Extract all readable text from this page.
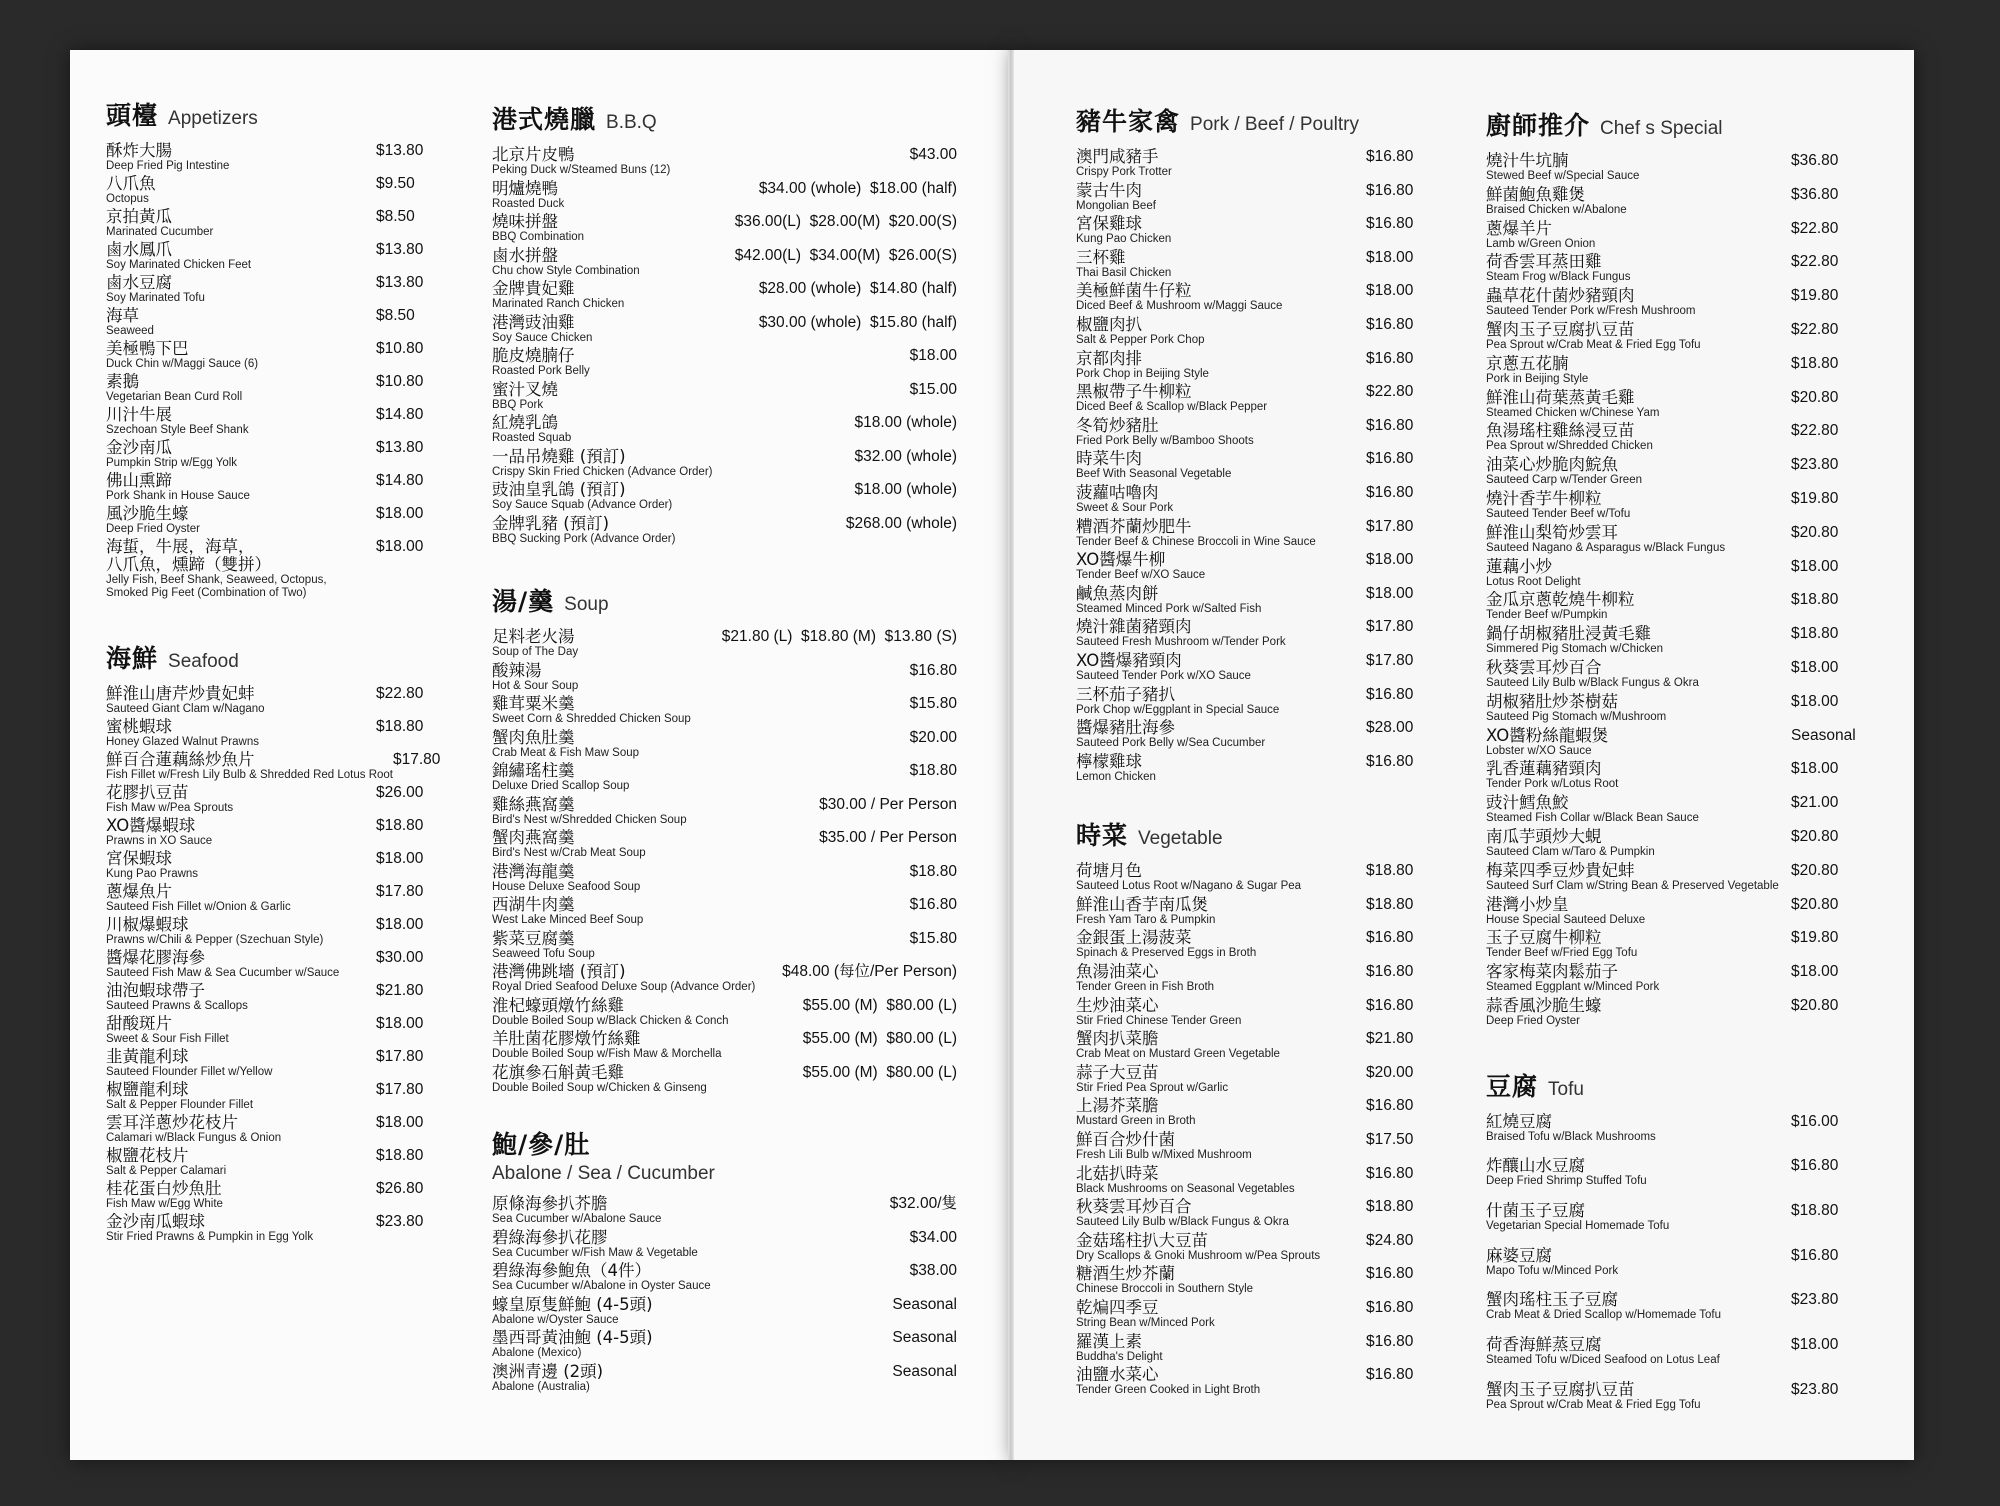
頭檯 Appetizers
酥炸大腸
Deep Fried Pig Intestine
$13.80
八爪魚
Octopus
$9.50
京拍黃瓜
Marinated Cucumber
$8.50
鹵水鳳爪
Soy Marinated Chicken Feet
$13.80
鹵水豆腐
Soy Marinated Tofu
$13.80
海草
Seaweed
$8.50
美極鴨下巴
Duck Chin w/Maggi Sauce (6)
$10.80
素鵝
Vegetarian Bean Curd Roll
$10.80
川汁牛展
Szechoan Style Beef Shank
$14.80
金沙南瓜
Pumpkin Strip w/Egg Yolk
$13.80
佛山熏蹄
Pork Shank in House Sauce
$14.80
風沙脆生蠔
Deep Fried Oyster
$18.00
海蜇，牛展，海草，
八爪魚，燻蹄（雙拼）
Jelly Fish, Beef Shank, Seaweed, Octopus,
Smoked Pig Feet (Combination of Two)
$18.00
海鮮 Seafood
鮮淮山唐芹炒貴妃蚌
Sauteed Giant Clam w/Nagano
$22.80
蜜桃蝦球
Honey Glazed Walnut Prawns
$18.80
鮮百合蓮藕絲炒魚片
Fish Fillet w/Fresh Lily Bulb & Shredded Red Lotus Root
$17.80
花膠扒豆苗
Fish Maw w/Pea Sprouts
$26.00
XO醬爆蝦球
Prawns in XO Sauce
$18.80
宮保蝦球
Kung Pao Prawns
$18.00
蔥爆魚片
Sauteed Fish Fillet w/Onion & Garlic
$17.80
川椒爆蝦球
Prawns w/Chili & Pepper (Szechuan Style)
$18.00
醬爆花膠海參
Sauteed Fish Maw & Sea Cucumber w/Sauce
$30.00
油泡蝦球帶子
Sauteed Prawns & Scallops
$21.80
甜酸斑片
Sweet & Sour Fish Fillet
$18.00
韭黃龍利球
Sauteed Flounder Fillet w/Yellow
$17.80
椒鹽龍利球
Salt & Pepper Flounder Fillet
$17.80
雲耳洋蔥炒花枝片
Calamari w/Black Fungus & Onion
$18.00
椒鹽花枝片
Salt & Pepper Calamari
$18.80
桂花蛋白炒魚肚
Fish Maw w/Egg White
$26.80
金沙南瓜蝦球
Stir Fried Prawns & Pumpkin in Egg Yolk
$23.80
港式燒臘 B.B.Q
北京片皮鴨
Peking Duck w/Steamed Buns (12)
$43.00
明爐燒鴨
Roasted Duck
$34.00 (whole)  $18.00 (half)
燒味拼盤
BBQ Combination
$36.00(L)  $28.00(M)  $20.00(S)
鹵水拼盤
Chu chow Style Combination
$42.00(L)  $34.00(M)  $26.00(S)
金牌貴妃雞
Marinated Ranch Chicken
$28.00 (whole)  $14.80 (half)
港灣豉油雞
Soy Sauce Chicken
$30.00 (whole)  $15.80 (half)
脆皮燒腩仔
Roasted Pork Belly
$18.00
蜜汁叉燒
BBQ Pork
$15.00
紅燒乳鴿
Roasted Squab
$18.00 (whole)
一品吊燒雞 (預訂)
Crispy Skin Fried Chicken (Advance Order)
$32.00 (whole)
豉油皇乳鴿 (預訂)
Soy Sauce Squab (Advance Order)
$18.00 (whole)
金牌乳豬 (預訂)
BBQ Sucking Pork (Advance Order)
$268.00 (whole)
湯/羹 Soup
足料老火湯
Soup of The Day
$21.80 (L)  $18.80 (M)  $13.80 (S)
酸辣湯
Hot & Sour Soup
$16.80
雞茸粟米羹
Sweet Corn & Shredded Chicken Soup
$15.80
蟹肉魚肚羹
Crab Meat & Fish Maw Soup
$20.00
錦繡瑤柱羹
Deluxe Dried Scallop Soup
$18.80
雞絲燕窩羹
Bird's Nest w/Shredded Chicken Soup
$30.00 / Per Person
蟹肉燕窩羹
Bird's Nest w/Crab Meat Soup
$35.00 / Per Person
港灣海龍羹
House Deluxe Seafood Soup
$18.80
西湖牛肉羹
West Lake Minced Beef Soup
$16.80
紫菜豆腐羹
Seaweed Tofu Soup
$15.80
港灣佛跳墻 (預訂)
Royal Dried Seafood Deluxe Soup (Advance Order)
$48.00 (每位/Per Person)
淮杞蠔頭燉竹絲雞
Double Boiled Soup w/Black Chicken & Conch
$55.00 (M)  $80.00 (L)
羊肚菌花膠燉竹絲雞
Double Boiled Soup w/Fish Maw & Morchella
$55.00 (M)  $80.00 (L)
花旗參石斛黃毛雞
Double Boiled Soup w/Chicken & Ginseng
$55.00 (M)  $80.00 (L)
鮑/參/肚
Abalone / Sea / Cucumber
原條海參扒芥膽
Sea Cucumber w/Abalone Sauce
$32.00/隻
碧綠海參扒花膠
Sea Cucumber w/Fish Maw & Vegetable
$34.00
碧綠海參鮑魚（4件）
Sea Cucumber w/Abalone in Oyster Sauce
$38.00
蠔皇原隻鮮鮑 (4-5頭)
Abalone w/Oyster Sauce
Seasonal
墨西哥黃油鮑 (4-5頭)
Abalone (Mexico)
Seasonal
澳洲青邊 (2頭)
Abalone (Australia)
Seasonal
豬牛家禽 Pork / Beef / Poultry
澳門咸豬手
Crispy Pork Trotter
$16.80
蒙古牛肉
Mongolian Beef
$16.80
宮保雞球
Kung Pao Chicken
$16.80
三杯雞
Thai Basil Chicken
$18.00
美極鮮菌牛仔粒
Diced Beef & Mushroom w/Maggi Sauce
$18.00
椒鹽肉扒
Salt & Pepper Pork Chop
$16.80
京都肉排
Pork Chop in Beijing Style
$16.80
黑椒帶子牛柳粒
Diced Beef & Scallop w/Black Pepper
$22.80
冬筍炒豬肚
Fried Pork Belly w/Bamboo Shoots
$16.80
時菜牛肉
Beef With Seasonal Vegetable
$16.80
菠蘿咕嚕肉
Sweet & Sour Pork
$16.80
糟酒芥蘭炒肥牛
Tender Beef & Chinese Broccoli in Wine Sauce
$17.80
XO醬爆牛柳
Tender Beef w/XO Sauce
$18.00
鹹魚蒸肉餅
Steamed Minced Pork w/Salted Fish
$18.00
燒汁雜菌豬頸肉
Sauteed Fresh Mushroom w/Tender Pork
$17.80
XO醬爆豬頸肉
Sauteed Tender Pork w/XO Sauce
$17.80
三杯茄子豬扒
Pork Chop w/Eggplant in Special Sauce
$16.80
醬爆豬肚海參
Sauteed Pork Belly w/Sea Cucumber
$28.00
檸檬雞球
Lemon Chicken
$16.80
時菜 Vegetable
荷塘月色
Sauteed Lotus Root w/Nagano & Sugar Pea
$18.80
鮮淮山香芋南瓜煲
Fresh Yam Taro & Pumpkin
$18.80
金銀蛋上湯菠菜
Spinach & Preserved Eggs in Broth
$16.80
魚湯油菜心
Tender Green in Fish Broth
$16.80
生炒油菜心
Stir Fried Chinese Tender Green
$16.80
蟹肉扒菜膽
Crab Meat on Mustard Green Vegetable
$21.80
蒜子大豆苗
Stir Fried Pea Sprout w/Garlic
$20.00
上湯芥菜膽
Mustard Green in Broth
$16.80
鮮百合炒什菌
Fresh Lili Bulb w/Mixed Mushroom
$17.50
北菇扒時菜
Black Mushrooms on Seasonal Vegetables
$16.80
秋葵雲耳炒百合
Sauteed Lily Bulb w/Black Fungus & Okra
$18.80
金菇瑤柱扒大豆苗
Dry Scallops & Gnoki Mushroom w/Pea Sprouts
$24.80
糖酒生炒芥蘭
Chinese Broccoli in Southern Style
$16.80
乾煸四季豆
String Bean w/Minced Pork
$16.80
羅漢上素
Buddha's Delight
$16.80
油鹽水菜心
Tender Green Cooked in Light Broth
$16.80
廚師推介 Chef s Special
燒汁牛坑腩
Stewed Beef w/Special Sauce
$36.80
鮮菌鮑魚雞煲
Braised Chicken w/Abalone
$36.80
蔥爆羊片
Lamb w/Green Onion
$22.80
荷香雲耳蒸田雞
Steam Frog w/Black Fungus
$22.80
蟲草花什菌炒豬頸肉
Sauteed Tender Pork w/Fresh Mushroom
$19.80
蟹肉玉子豆腐扒豆苗
Pea Sprout w/Crab Meat & Fried Egg Tofu
$22.80
京蔥五花腩
Pork in Beijing Style
$18.80
鮮淮山荷葉蒸黃毛雞
Steamed Chicken w/Chinese Yam
$20.80
魚湯瑤柱雞絲浸豆苗
Pea Sprout w/Shredded Chicken
$22.80
油菜心炒脆肉鯇魚
Sauteed Carp w/Tender Green
$23.80
燒汁香芋牛柳粒
Sauteed Tender Beef w/Tofu
$19.80
鮮淮山梨筍炒雲耳
Sauteed Nagano & Asparagus w/Black Fungus
$20.80
蓮藕小炒
Lotus Root Delight
$18.00
金瓜京蔥乾燒牛柳粒
Tender Beef w/Pumpkin
$18.80
鍋仔胡椒豬肚浸黃毛雞
Simmered Pig Stomach w/Chicken
$18.80
秋葵雲耳炒百合
Sauteed Lily Bulb w/Black Fungus & Okra
$18.00
胡椒豬肚炒茶樹菇
Sauteed Pig Stomach w/Mushroom
$18.00
XO醬粉絲龍蝦煲
Lobster w/XO Sauce
Seasonal
乳香蓮藕豬頸肉
Tender Pork w/Lotus Root
$18.00
豉汁鱈魚鮫
Steamed Fish Collar w/Black Bean Sauce
$21.00
南瓜芋頭炒大蜆
Sauteed Clam w/Taro & Pumpkin
$20.80
梅菜四季豆炒貴妃蚌
Sauteed Surf Clam w/String Bean & Preserved Vegetable
$20.80
港灣小炒皇
House Special Sauteed Deluxe
$20.80
玉子豆腐牛柳粒
Tender Beef w/Fried Egg Tofu
$19.80
客家梅菜肉鬆茄子
Steamed Eggplant w/Minced Pork
$18.00
蒜香風沙脆生蠔
Deep Fried Oyster
$20.80
豆腐 Tofu
紅燒豆腐
Braised Tofu w/Black Mushrooms
$16.00
炸釀山水豆腐
Deep Fried Shrimp Stuffed Tofu
$16.80
什菌玉子豆腐
Vegetarian Special Homemade Tofu
$18.80
麻婆豆腐
Mapo Tofu w/Minced Pork
$16.80
蟹肉瑤柱玉子豆腐
Crab Meat & Dried Scallop w/Homemade Tofu
$23.80
荷香海鮮蒸豆腐
Steamed Tofu w/Diced Seafood on Lotus Leaf
$18.00
蟹肉玉子豆腐扒豆苗
Pea Sprout w/Crab Meat & Fried Egg Tofu
$23.80
